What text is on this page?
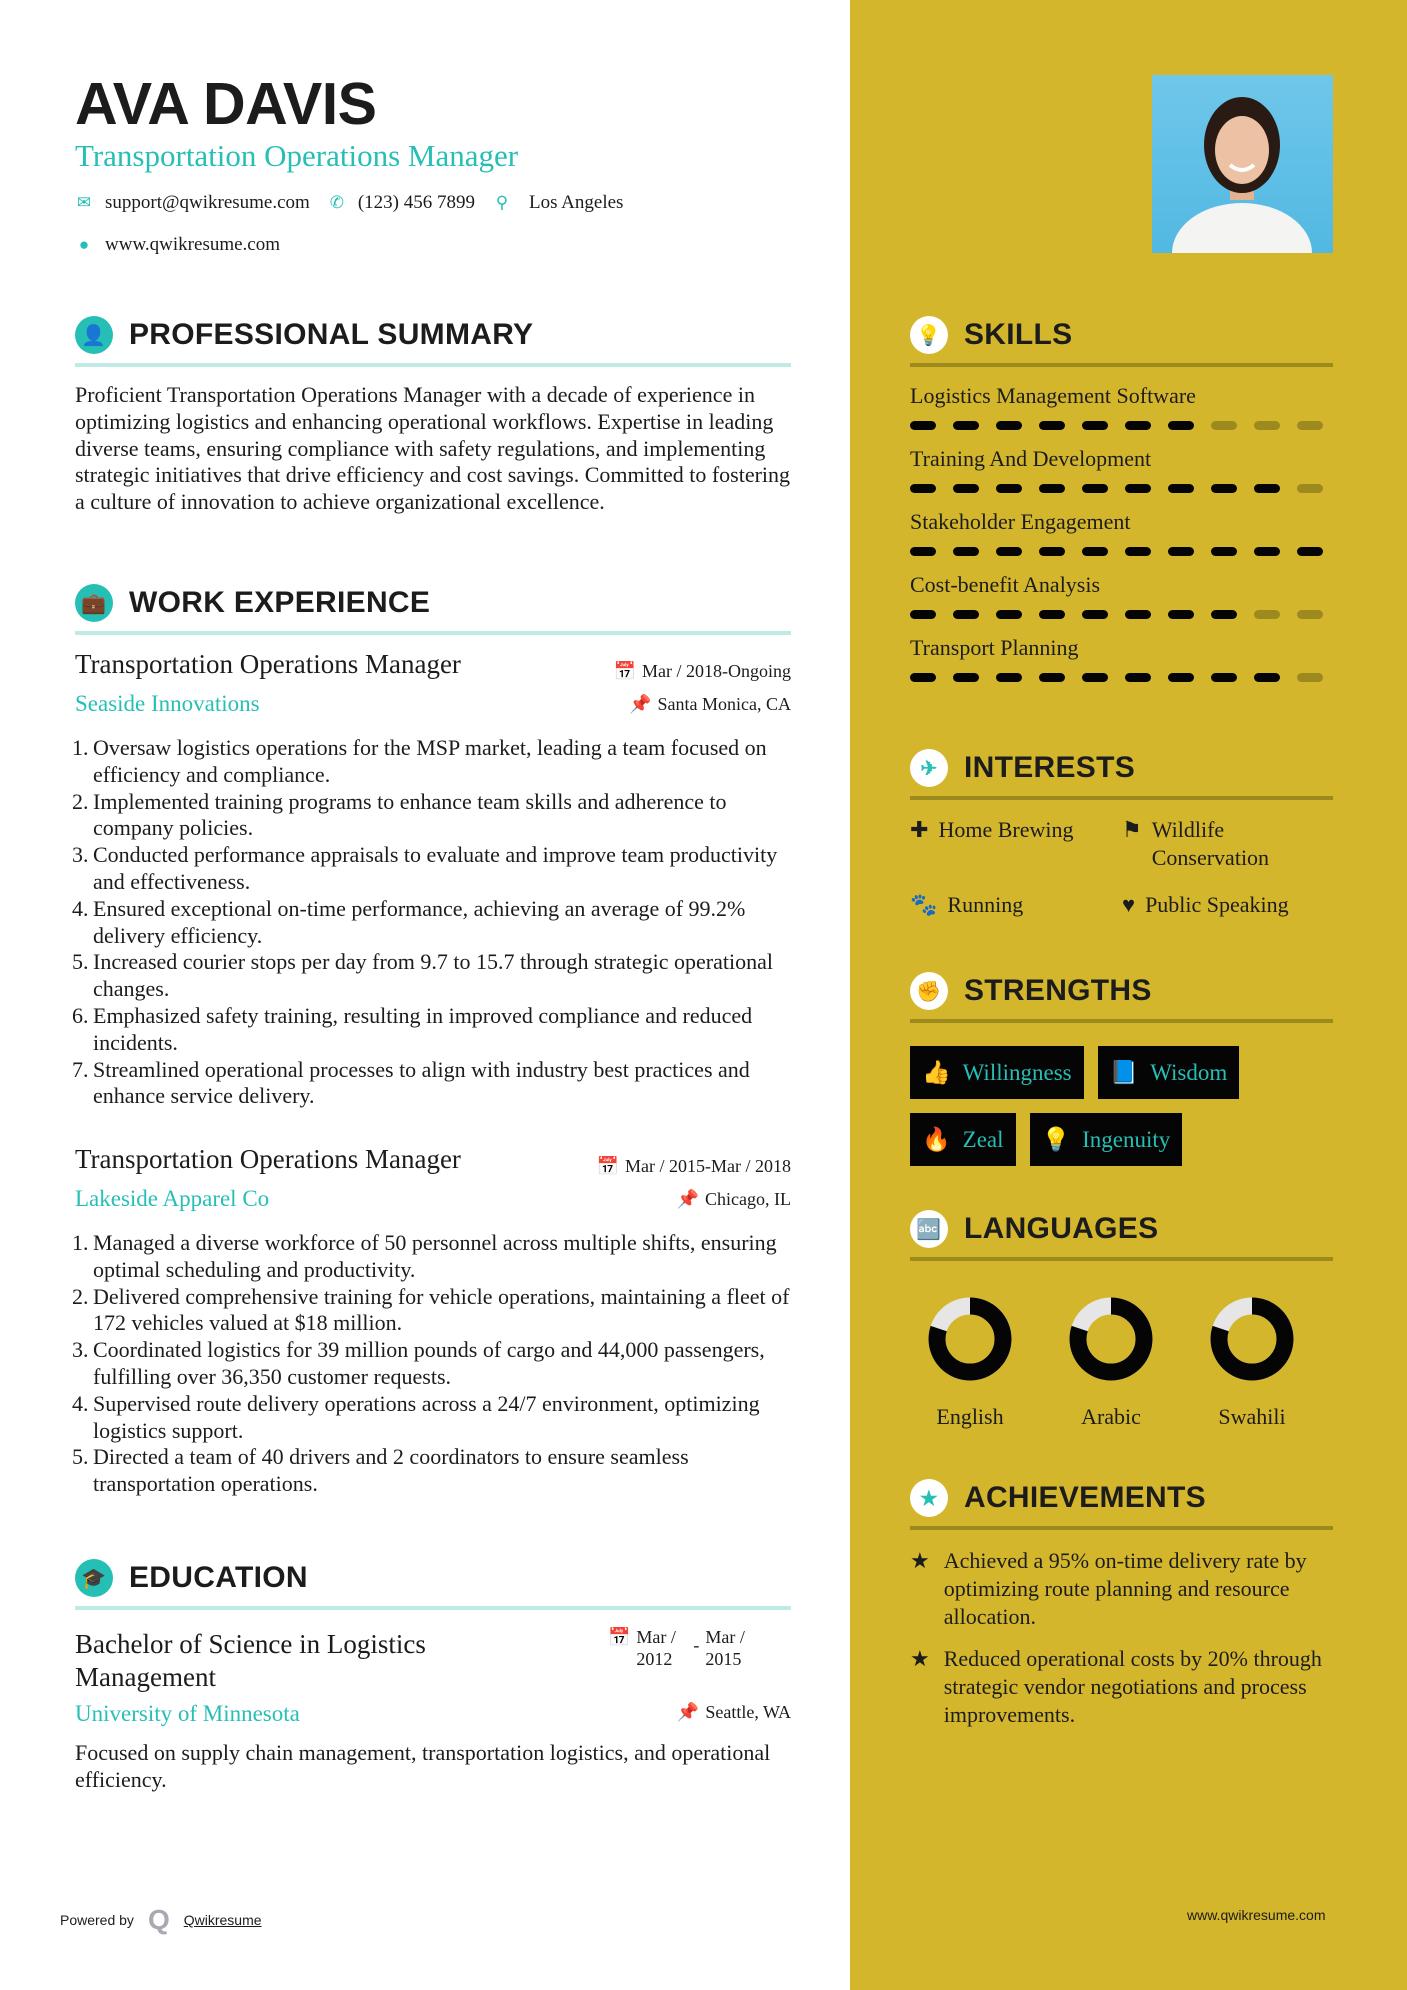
AVA DAVIS
Transportation Operations Manager
✉ support@qwikresume.com ✆ (123) 456 7899 ⚲ Los Angeles
● www.qwikresume.com
👤 PROFESSIONAL SUMMARY
Proficient Transportation Operations Manager with a decade of experience in optimizing logistics and enhancing operational workflows. Expertise in leading diverse teams, ensuring compliance with safety regulations, and implementing strategic initiatives that drive efficiency and cost savings. Committed to fostering a culture of innovation to achieve organizational excellence.
💼 WORK EXPERIENCE
Transportation Operations Manager	📅 Mar / 2018-Ongoing
Seaside Innovations	📌 Santa Monica, CA
1. Oversaw logistics operations for the MSP market, leading a team focused on efficiency and compliance.
2. Implemented training programs to enhance team skills and adherence to company policies.
3. Conducted performance appraisals to evaluate and improve team productivity and effectiveness.
4. Ensured exceptional on-time performance, achieving an average of 99.2% delivery efficiency.
5. Increased courier stops per day from 9.7 to 15.7 through strategic operational changes.
6. Emphasized safety training, resulting in improved compliance and reduced incidents.
7. Streamlined operational processes to align with industry best practices and enhance service delivery.
Transportation Operations Manager	📅 Mar / 2015-Mar / 2018
Lakeside Apparel Co	📌 Chicago, IL
1. Managed a diverse workforce of 50 personnel across multiple shifts, ensuring optimal scheduling and productivity.
2. Delivered comprehensive training for vehicle operations, maintaining a fleet of 172 vehicles valued at $18 million.
3. Coordinated logistics for 39 million pounds of cargo and 44,000 passengers, fulfilling over 36,350 customer requests.
4. Supervised route delivery operations across a 24/7 environment, optimizing logistics support.
5. Directed a team of 40 drivers and 2 coordinators to ensure seamless transportation operations.
🎓 EDUCATION
Bachelor of Science in Logistics Management
📅 Mar / 2012
- Mar / 2015
University of Minnesota	📌 Seattle, WA
Focused on supply chain management, transportation logistics, and operational efficiency.
💡 SKILLS
Logistics Management Software
Training And Development
Stakeholder Engagement
Cost-benefit Analysis
Transport Planning
✈ INTERESTS
✚ Home Brewing ⚑ Wildlife Conservation
🐾 Running	♥ Public Speaking
✊ STRENGTHS
👍 Willingness 📘 Wisdom
🔥 Zeal 💡 Ingenuity
🔤 LANGUAGES
English	Arabic	Swahili
★ ACHIEVEMENTS
★ Achieved a 95% on-time delivery rate by optimizing route planning and resource allocation.
★ Reduced operational costs by 20% through strategic vendor negotiations and process improvements.
Powered by Q Qwikresume	www.qwikresume.com
